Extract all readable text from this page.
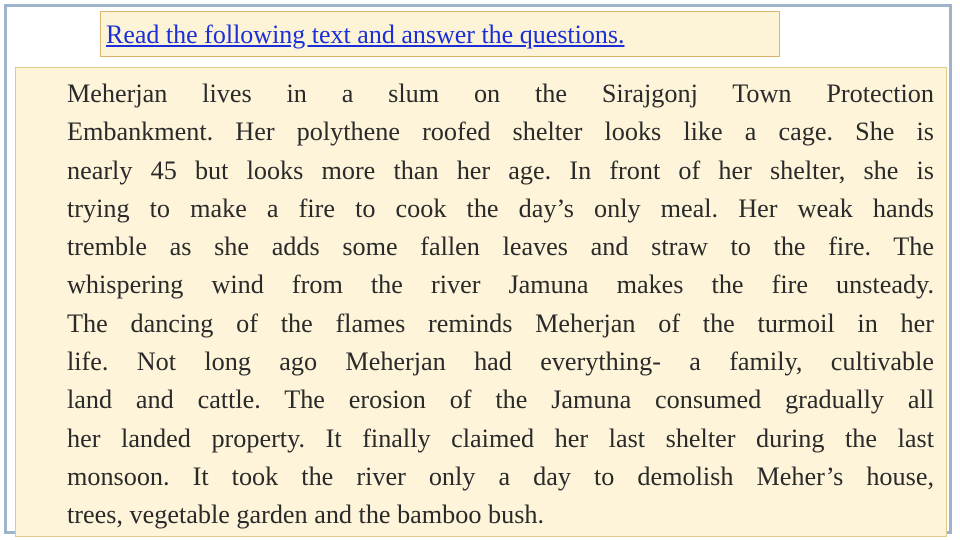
Read the following text and answer the questions.
Meherjan lives in a slum on the Sirajgonj Town Protection
Embankment. Her polythene roofed shelter looks like a cage. She is
nearly 45 but looks more than her age. In front of her shelter, she is
trying to make a fire to cook the day’s only meal. Her weak hands
tremble as she adds some fallen leaves and straw to the fire. The
whispering wind from the river Jamuna makes the fire unsteady.
The dancing of the flames reminds Meherjan of the turmoil in her
life. Not long ago Meherjan had everything- a family, cultivable
land and cattle. The erosion of the Jamuna consumed gradually all
her landed property. It finally claimed her last shelter during the last
monsoon. It took the river only a day to demolish Meher’s house,
trees, vegetable garden and the bamboo bush.
